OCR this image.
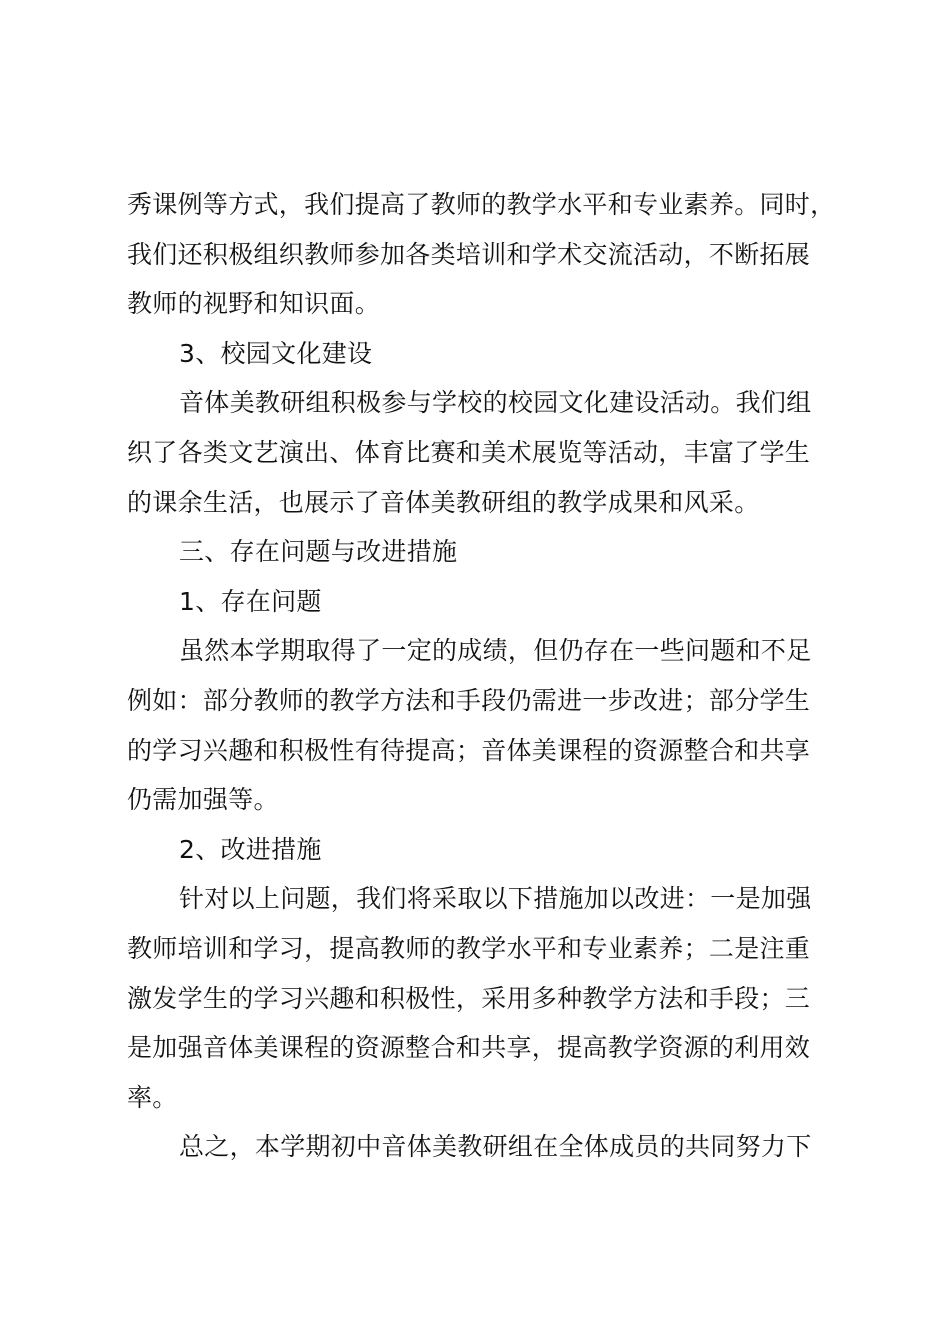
秀课例等方式，我们提高了教师的教学水平和专业素养。同时，
我们还积极组织教师参加各类培训和学术交流活动，不断拓展
教师的视野和知识面。
3、校园文化建设
音体美教研组积极参与学校的校园文化建设活动。我们组
织了各类文艺演出、体育比赛和美术展览等活动，丰富了学生
的课余生活，也展示了音体美教研组的教学成果和风采。
三、存在问题与改进措施
1、存在问题
虽然本学期取得了一定的成绩，但仍存在一些问题和不足
例如：部分教师的教学方法和手段仍需进一步改进；部分学生
的学习兴趣和积极性有待提高；音体美课程的资源整合和共享
仍需加强等。
2、改进措施
针对以上问题，我们将采取以下措施加以改进：一是加强
教师培训和学习，提高教师的教学水平和专业素养；二是注重
激发学生的学习兴趣和积极性，采用多种教学方法和手段；三
是加强音体美课程的资源整合和共享，提高教学资源的利用效
率。
总之，本学期初中音体美教研组在全体成员的共同努力下
